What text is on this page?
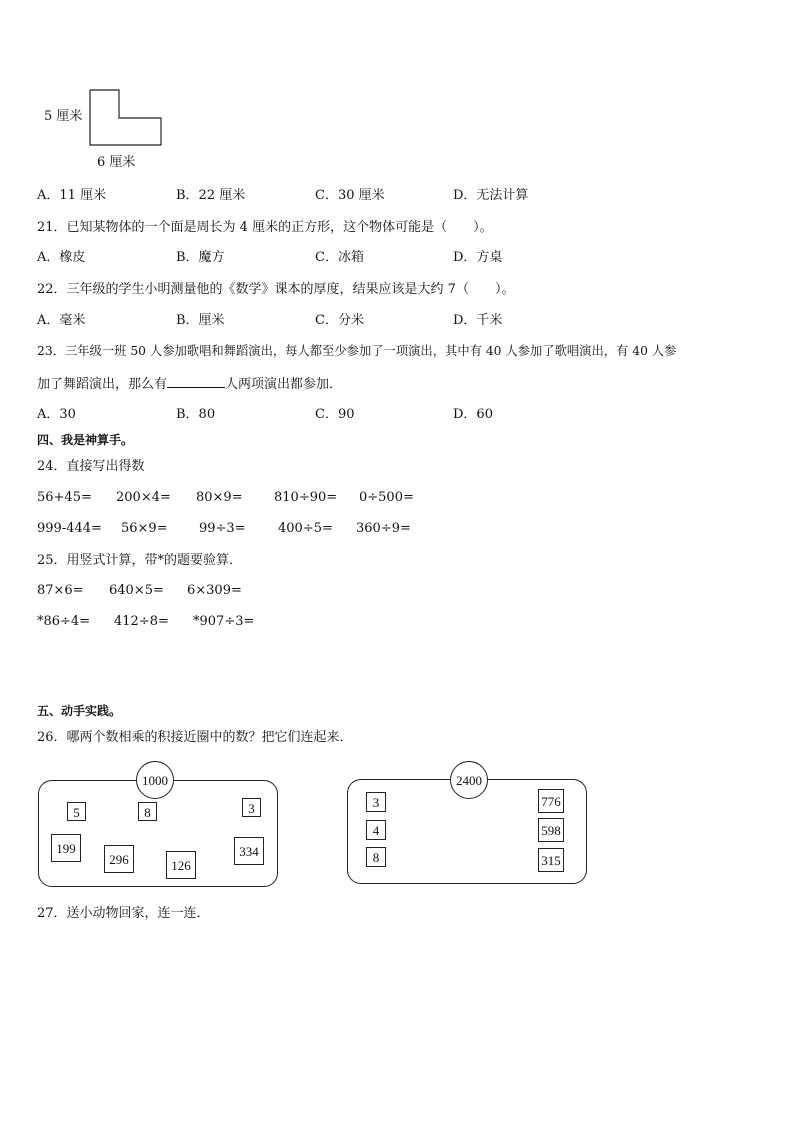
5 厘米
6 厘米
A．11 厘米	B．22 厘米	C．30 厘米	D．无法计算
21．已知某物体的一个面是周长为 4 厘米的正方形，这个物体可能是（　　）。
A．橡皮	B．魔方	C．冰箱	D．方桌
22．三年级的学生小明测量他的《数学》课本的厚度，结果应该是大约 7（　　）。
A．毫米	B．厘米	C．分米	D．千米
23．三年级一班 50 人参加歌唱和舞蹈演出，每人都至少参加了一项演出，其中有 40 人参加了歌唱演出，有 40 人参
加了舞蹈演出，那么有	人两项演出都参加．
A．30	B．80	C．90	D．60
四、我是神算手。
24．直接写出得数
56+45= 200×4= 80×9= 810÷90= 0÷500=
999-444= 56×9= 99÷3= 400÷5= 360÷9=
25．用竖式计算，带*的题要验算．
87×6= 640×5= 6×309=
*86÷4= 412÷8= *907÷3=
五、动手实践。
26．哪两个数相乘的积接近圈中的数？把它们连起来．
1000
5	8	3
199
296	126
334
2400
3
4
8
776
598
315
27．送小动物回家，连一连．
